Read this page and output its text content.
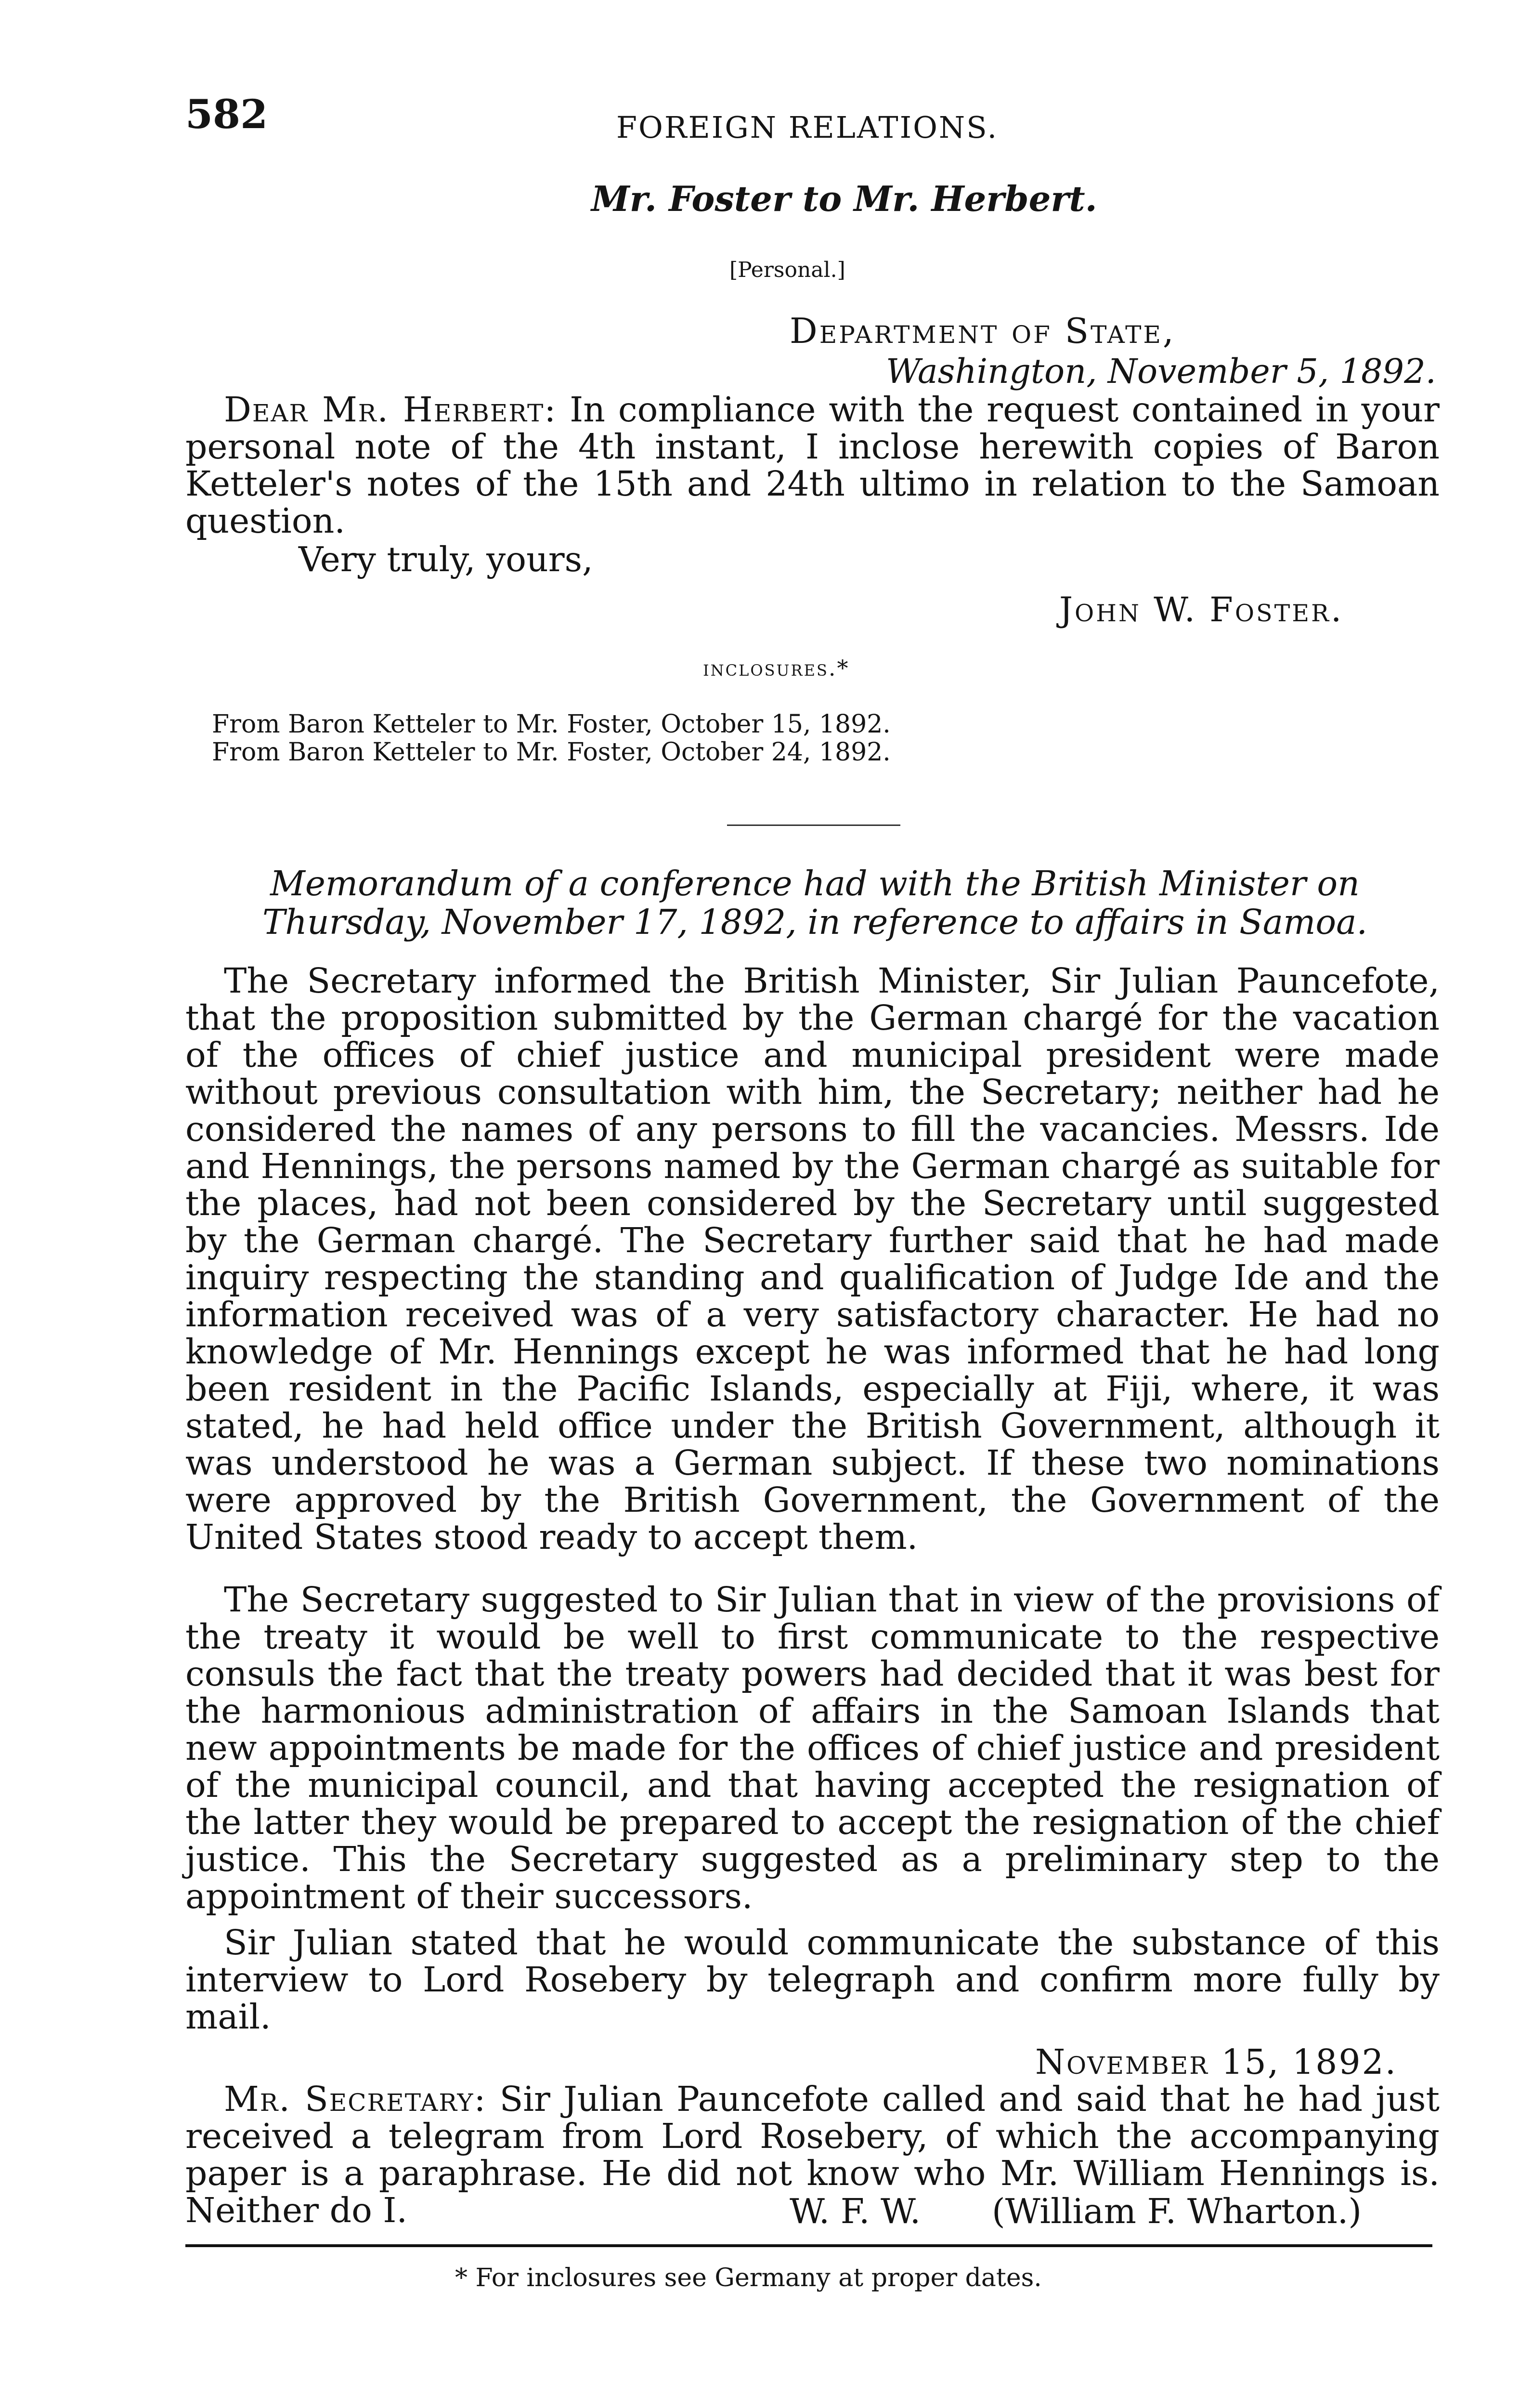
582	FOREIGN RELATIONS.
Mr. Foster to Mr. Herbert.
[Personal.]
Department of State,
Washington, November 5, 1892.

Dear Mr. Herbert: In compliance with the request contained in your personal note of the 4th instant, I inclose herewith copies of Baron Ketteler's notes of the 15th and 24th ultimo in relation to the Samoan question.

Very truly, yours,
John W. Foster.
inclosures.*
From Baron Ketteler to Mr. Foster, October 15, 1892.
From Baron Ketteler to Mr. Foster, October 24, 1892.
Memorandum of a conference had with the British Minister on Thursday, November 17, 1892, in reference to affairs in Samoa.

The Secretary informed the British Minister, Sir Julian Pauncefote, that the proposition submitted by the German chargé for the vacation of the offices of chief justice and municipal president were made without previous consultation with him, the Secretary; neither had he considered the names of any persons to fill the vacancies. Messrs. Ide and Hennings, the persons named by the German chargé as suitable for the places, had not been considered by the Secretary until suggested by the German chargé. The Secretary further said that he had made inquiry respecting the standing and qualification of Judge Ide and the information received was of a very satisfactory character. He had no knowledge of Mr. Hennings except he was informed that he had long been resident in the Pacific Islands, especially at Fiji, where, it was stated, he had held office under the British Government, although it was understood he was a German subject. If these two nominations were approved by the British Government, the Government of the United States stood ready to accept them.

The Secretary suggested to Sir Julian that in view of the provisions of the treaty it would be well to first communicate to the respective consuls the fact that the treaty powers had decided that it was best for the harmonious administration of affairs in the Samoan Islands that new appointments be made for the offices of chief justice and president of the municipal council, and that having accepted the resignation of the latter they would be prepared to accept the resignation of the chief justice. This the Secretary suggested as a preliminary step to the appointment of their successors.

Sir Julian stated that he would communicate the substance of this interview to Lord Rosebery by telegraph and confirm more fully by mail.

November 15, 1892.

Mr. Secretary: Sir Julian Pauncefote called and said that he had just received a telegram from Lord Rosebery, of which the accompanying paper is a paraphrase. He did not know who Mr. William Hennings is. Neither do I.	W. F. W. (William F. Wharton.)
* For inclosures see Germany at proper dates.
